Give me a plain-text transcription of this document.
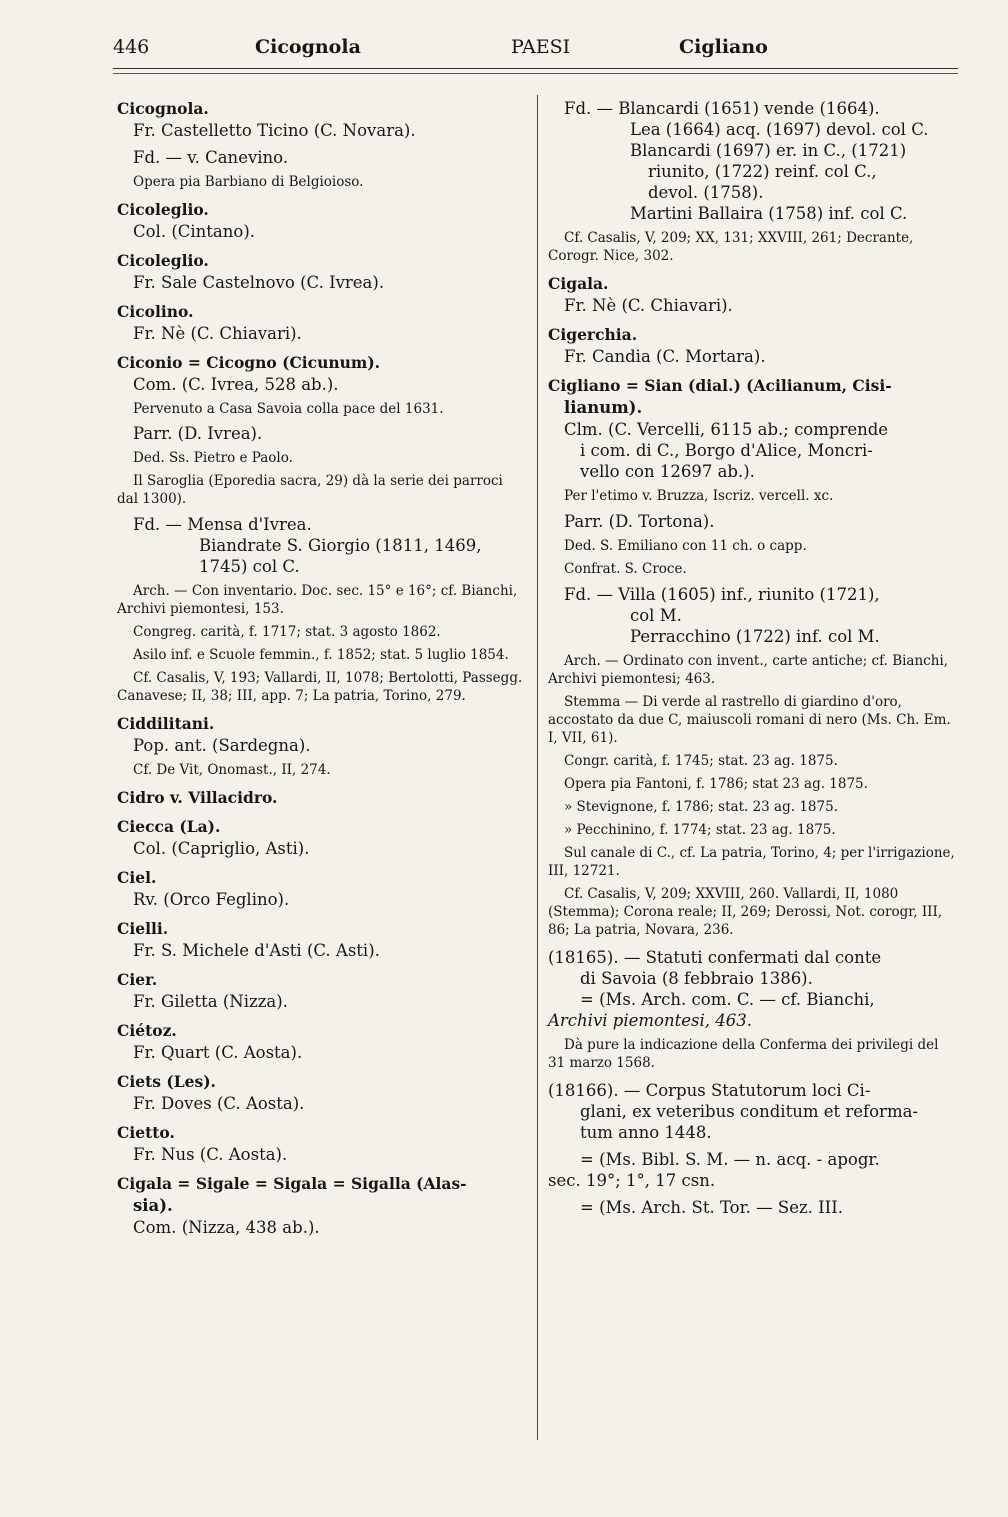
446	Cicognola	PAESI	Cigliano

Cicognola.

Fr. Castelletto Ticino (C. Novara).

Fd. — v. Canevino.

Opera pia Barbiano di Belgioioso.

Cicoleglio.

Col. (Cintano).

Cicoleglio.

Fr. Sale Castelnovo (C. Ivrea).

Cicolino.

Fr. Nè (C. Chiavari).

Ciconio = Cicogno (Cicunum).

Com. (C. Ivrea, 528 ab.).

Pervenuto a Casa Savoia colla pace del 1631.

Parr. (D. Ivrea).

Ded. Ss. Pietro e Paolo.

Il Saroglia (Eporedia sacra, 29) dà la serie dei parroci dal 1300).

Fd. — Mensa d'Ivrea.

Biandrate S. Giorgio (1811, 1469,

1745) col C.

Arch. — Con inventario. Doc. sec. 15° e 16°; cf. Bianchi, Archivi piemontesi, 153.

Congreg. carità, f. 1717; stat. 3 agosto 1862.

Asilo inf. e Scuole femmin., f. 1852; stat. 5 luglio 1854.

Cf. Casalis, V, 193; Vallardi, II, 1078; Bertolotti, Passegg. Canavese; II, 38; III, app. 7; La patria, Torino, 279.

Ciddilitani.

Pop. ant. (Sardegna).

Cf. De Vit, Onomast., II, 274.

Cidro v. Villacidro.

Ciecca (La).

Col. (Capriglio, Asti).

Ciel.

Rv. (Orco Feglino).

Cielli.

Fr. S. Michele d'Asti (C. Asti).

Cier.

Fr. Giletta (Nizza).

Ciétoz.

Fr. Quart (C. Aosta).

Ciets (Les).

Fr. Doves (C. Aosta).

Cietto.

Fr. Nus (C. Aosta).

Cigala = Sigale = Sigala = Sigalla (Alas-

sia).

Com. (Nizza, 438 ab.).

Fd. — Blancardi (1651) vende (1664).

Lea (1664) acq. (1697) devol. col C.

Blancardi (1697) er. in C., (1721)

riunito, (1722) reinf. col C.,

devol. (1758).

Martini Ballaira (1758) inf. col C.

Cf. Casalis, V, 209; XX, 131; XXVIII, 261; Decrante, Corogr. Nice, 302.

Cigala.

Fr. Nè (C. Chiavari).

Cigerchia.

Fr. Candia (C. Mortara).

Cigliano = Sian (dial.) (Acilianum, Cisi-

lianum).

Clm. (C. Vercelli, 6115 ab.; comprende

i com. di C., Borgo d'Alice, Moncri-

vello con 12697 ab.).

Per l'etimo v. Bruzza, Iscriz. vercell. xc.

Parr. (D. Tortona).

Ded. S. Emiliano con 11 ch. o capp.

Confrat. S. Croce.

Fd. — Villa (1605) inf., riunito (1721),

col M.

Perracchino (1722) inf. col M.

Arch. — Ordinato con invent., carte antiche; cf. Bianchi, Archivi piemontesi; 463.

Stemma — Di verde al rastrello di giardino d'oro, accostato da due C, maiuscoli romani di nero (Ms. Ch. Em. I, VII, 61).

Congr. carità, f. 1745; stat. 23 ag. 1875.

Opera pia Fantoni, f. 1786; stat 23 ag. 1875.

» Stevignone, f. 1786; stat. 23 ag. 1875.

» Pecchinino, f. 1774; stat. 23 ag. 1875.

Sul canale di C., cf. La patria, Torino, 4; per l'irrigazione, III, 12721.

Cf. Casalis, V, 209; XXVIII, 260. Vallardi, II, 1080 (Stemma); Corona reale; II, 269; Derossi, Not. corogr, III, 86; La patria, Novara, 236.

(18165). — Statuti confermati dal conte

di Savoia (8 febbraio 1386).

= (Ms. Arch. com. C. — cf. Bianchi,

Archivi piemontesi, 463.

Dà pure la indicazione della Conferma dei privilegi del 31 marzo 1568.

(18166). — Corpus Statutorum loci Ci-

glani, ex veteribus conditum et reforma-

tum anno 1448.

= (Ms. Bibl. S. M. — n. acq. - apogr.

sec. 19°; 1°, 17 csn.

= (Ms. Arch. St. Tor. — Sez. III.
